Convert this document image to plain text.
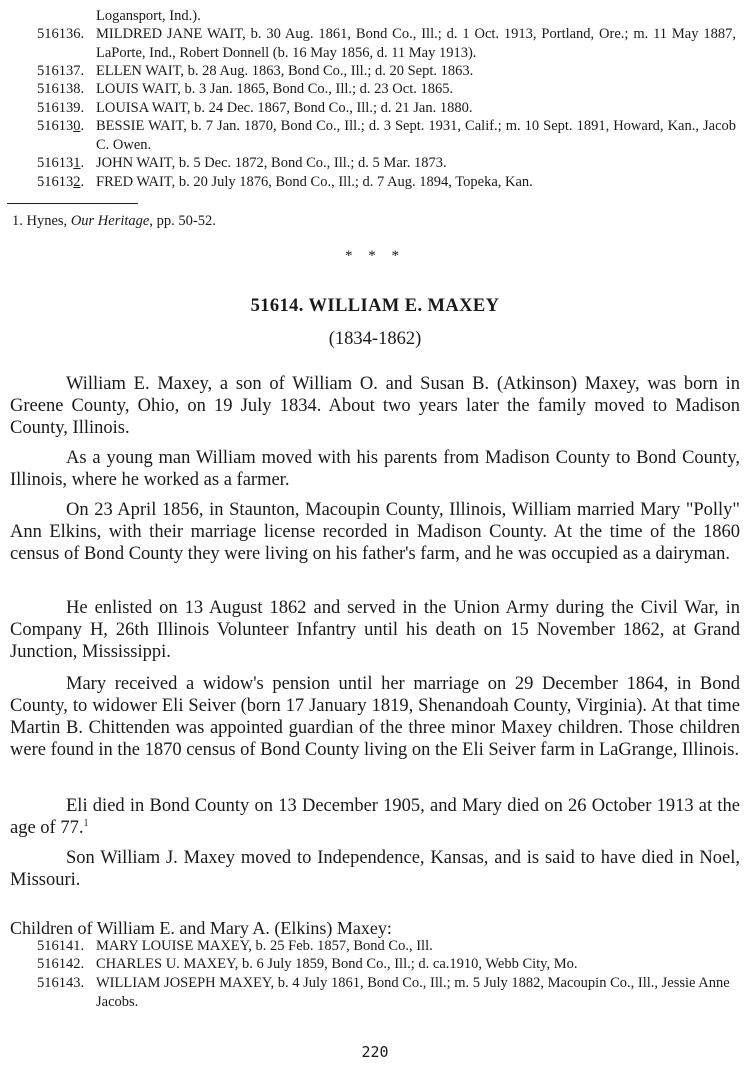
Logansport, Ind.).
516136. MILDRED JANE WAIT, b. 30 Aug. 1861, Bond Co., Ill.; d. 1 Oct. 1913, Portland, Ore.; m. 11 May 1887, LaPorte, Ind., Robert Donnell (b. 16 May 1856, d. 11 May 1913).
516137. ELLEN WAIT, b. 28 Aug. 1863, Bond Co., Ill.; d. 20 Sept. 1863.
516138. LOUIS WAIT, b. 3 Jan. 1865, Bond Co., Ill.; d. 23 Oct. 1865.
516139. LOUISA WAIT, b. 24 Dec. 1867, Bond Co., Ill.; d. 21 Jan. 1880.
516130. BESSIE WAIT, b. 7 Jan. 1870, Bond Co., Ill.; d. 3 Sept. 1931, Calif.; m. 10 Sept. 1891, Howard, Kan., Jacob C. Owen.
516131. JOHN WAIT, b. 5 Dec. 1872, Bond Co., Ill.; d. 5 Mar. 1873.
516132. FRED WAIT, b. 20 July 1876, Bond Co., Ill.; d. 7 Aug. 1894, Topeka, Kan.
1. Hynes, Our Heritage, pp. 50-52.
* * *
51614. WILLIAM E. MAXEY
(1834-1862)
William E. Maxey, a son of William O. and Susan B. (Atkinson) Maxey, was born in Greene County, Ohio, on 19 July 1834. About two years later the family moved to Madison County, Illinois.
As a young man William moved with his parents from Madison County to Bond County, Illinois, where he worked as a farmer.
On 23 April 1856, in Staunton, Macoupin County, Illinois, William married Mary "Polly" Ann Elkins, with their marriage license recorded in Madison County. At the time of the 1860 census of Bond County they were living on his father's farm, and he was occupied as a dairyman.
He enlisted on 13 August 1862 and served in the Union Army during the Civil War, in Company H, 26th Illinois Volunteer Infantry until his death on 15 November 1862, at Grand Junction, Mississippi.
Mary received a widow's pension until her marriage on 29 December 1864, in Bond County, to widower Eli Seiver (born 17 January 1819, Shenandoah County, Virginia). At that time Martin B. Chittenden was appointed guardian of the three minor Maxey children. Those children were found in the 1870 census of Bond County living on the Eli Seiver farm in LaGrange, Illinois.
Eli died in Bond County on 13 December 1905, and Mary died on 26 October 1913 at the age of 77.$^1$
Son William J. Maxey moved to Independence, Kansas, and is said to have died in Noel, Missouri.
Children of William E. and Mary A. (Elkins) Maxey:
516141. MARY LOUISE MAXEY, b. 25 Feb. 1857, Bond Co., Ill.
516142. CHARLES U. MAXEY, b. 6 July 1859, Bond Co., Ill.; d. ca.1910, Webb City, Mo.
516143. WILLIAM JOSEPH MAXEY, b. 4 July 1861, Bond Co., Ill.; m. 5 July 1882, Macoupin Co., Ill., Jessie Anne Jacobs.
220
